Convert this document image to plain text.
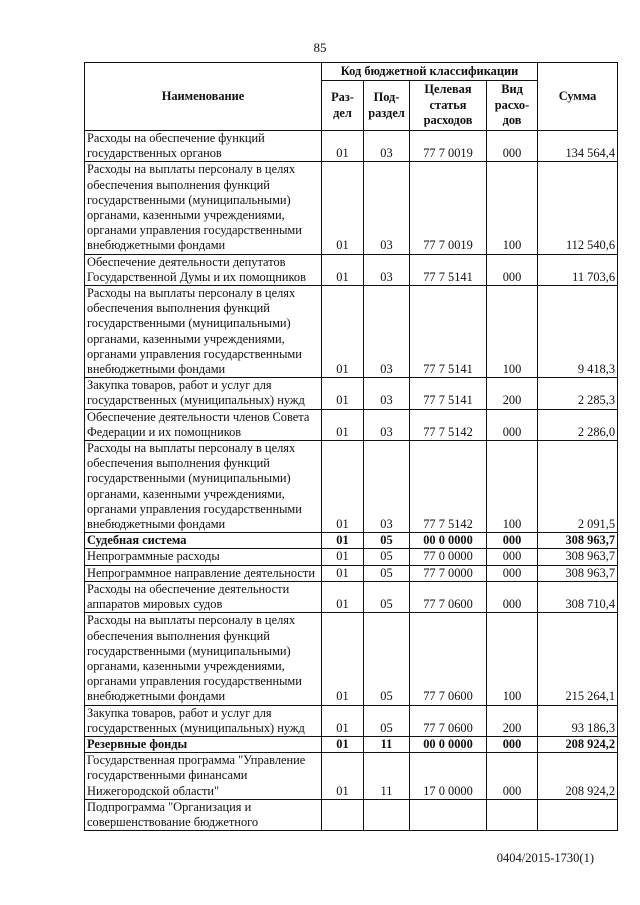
85
Наименование	Код бюджетной классификации				Сумма
	Раз-дел	Под-раздел	Целевая статья расходов	Вид расхо-дов	
Расходы на обеспечение функций государственных органов	01	03	77 7 0019	000	134 564,4
Расходы на выплаты персоналу в целях обеспечения выполнения функций государственными (муниципальными) органами, казенными учреждениями, органами управления государственными внебюджетными фондами	01	03	77 7 0019	100	112 540,6
Обеспечение деятельности депутатов Государственной Думы и их помощников	01	03	77 7 5141	000	11 703,6
Расходы на выплаты персоналу в целях обеспечения выполнения функций государственными (муниципальными) органами, казенными учреждениями, органами управления государственными внебюджетными фондами	01	03	77 7 5141	100	9 418,3
Закупка товаров, работ и услуг для государственных (муниципальных) нужд	01	03	77 7 5141	200	2 285,3
Обеспечение деятельности членов Совета Федерации и их помощников	01	03	77 7 5142	000	2 286,0
Расходы на выплаты персоналу в целях обеспечения выполнения функций государственными (муниципальными) органами, казенными учреждениями, органами управления государственными внебюджетными фондами	01	03	77 7 5142	100	2 091,5
Судебная система	01	05	00 0 0000	000	308 963,7
Непрограммные расходы	01	05	77 0 0000	000	308 963,7
Непрограммное направление деятельности	01	05	77 7 0000	000	308 963,7
Расходы на обеспечение деятельности аппаратов мировых судов	01	05	77 7 0600	000	308 710,4
Расходы на выплаты персоналу в целях обеспечения выполнения функций государственными (муниципальными) органами, казенными учреждениями, органами управления государственными внебюджетными фондами	01	05	77 7 0600	100	215 264,1
Закупка товаров, работ и услуг для государственных (муниципальных) нужд	01	05	77 7 0600	200	93 186,3
Резервные фонды	01	11	00 0 0000	000	208 924,2
Государственная программа "Управление государственными финансами Нижегородской области"	01	11	17 0 0000	000	208 924,2
Подпрограмма "Организация и совершенствование бюджетного					
0404/2015-1730(1)
